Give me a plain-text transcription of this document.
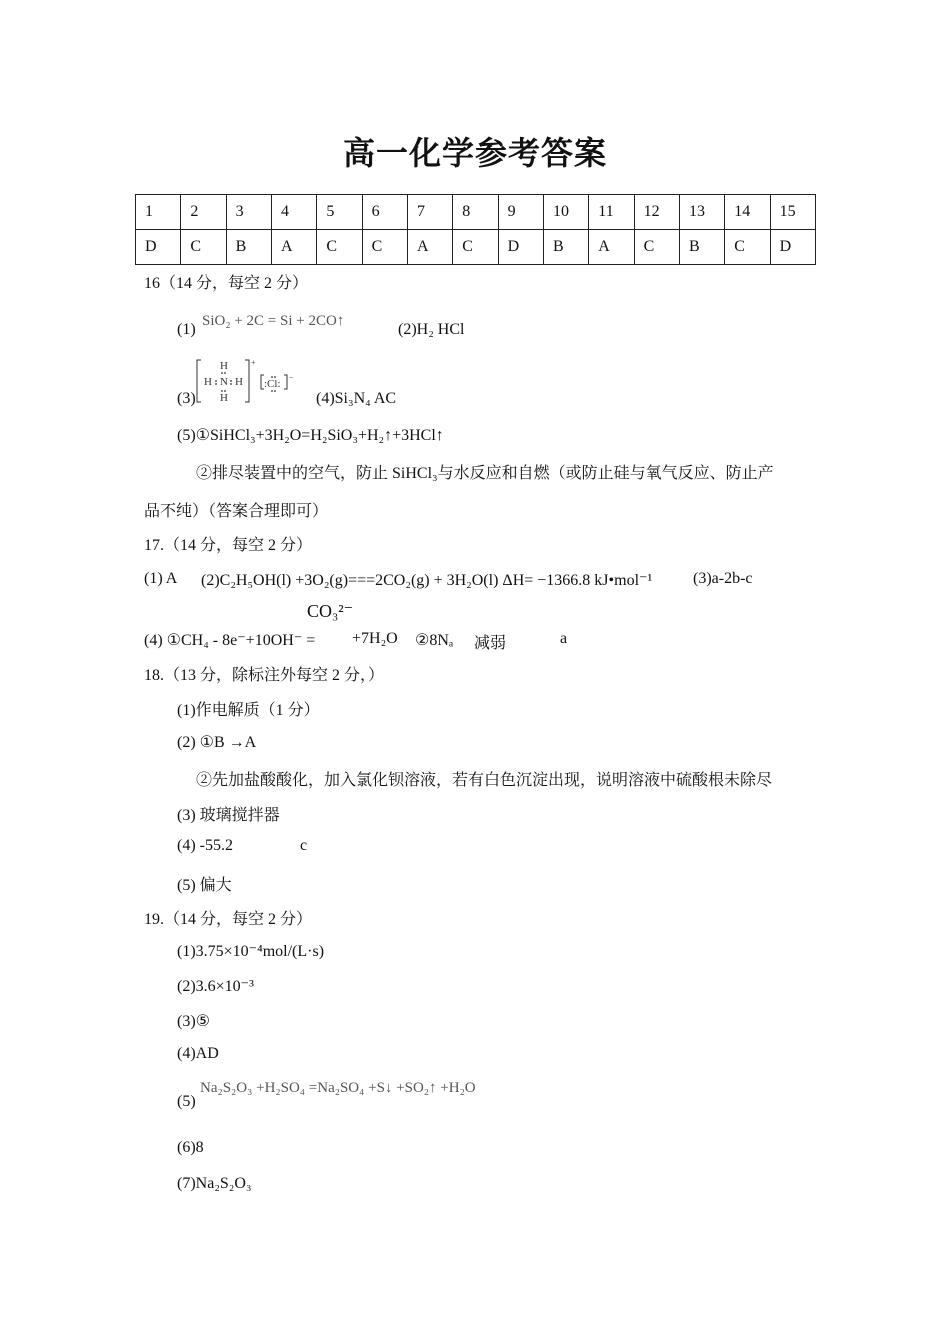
高一化学参考答案
1	2	3	4	5	6	7	8	9	10	11	12	13	14	15
D	C	B	A	C	C	A	C	D	B	A	C	B	C	D
16（14 分，每空 2 分）
(1) SiO₂ + 2C = Si + 2CO↑	(2)H₂ HCl
(3)
H
H N H
H
+
:Cl:
−
(4)Si₃N₄ AC
(5)①SiHCl₃+3H₂O=H₂SiO₃+H₂↑+3HCl↑
②排尽装置中的空气，防止 SiHCl₃与水反应和自燃（或防止硅与氧气反应、防止产
品不纯）（答案合理即可）
17.（14 分，每空 2 分）
(1) A (2)C₂H₅OH(l) +3O₂(g)===2CO₂(g) + 3H₂O(l) ΔH= −1366.8 kJ•mol⁻¹	(3)a-2b-c
CO₃²⁻
(4) ①CH₄ - 8e⁻+10OH⁻ = +7H₂O ②8Nₐ 减弱	a
18.（13 分，除标注外每空 2 分，）
(1)作电解质（1 分）
(2) ①B →A
②先加盐酸酸化，加入氯化钡溶液，若有白色沉淀出现，说明溶液中硫酸根未除尽
(3) 玻璃搅拌器
(4) -55.2	c
(5) 偏大
19.（14 分，每空 2 分）
(1)3.75×10⁻⁴mol/(L·s)
(2)3.6×10⁻³
(3)⑤
(4)AD
(5)
Na₂S₂O₃ +H₂SO₄ =Na₂SO₄ +S↓ +SO₂↑ +H₂O
(6)8
(7)Na₂S₂O₃
